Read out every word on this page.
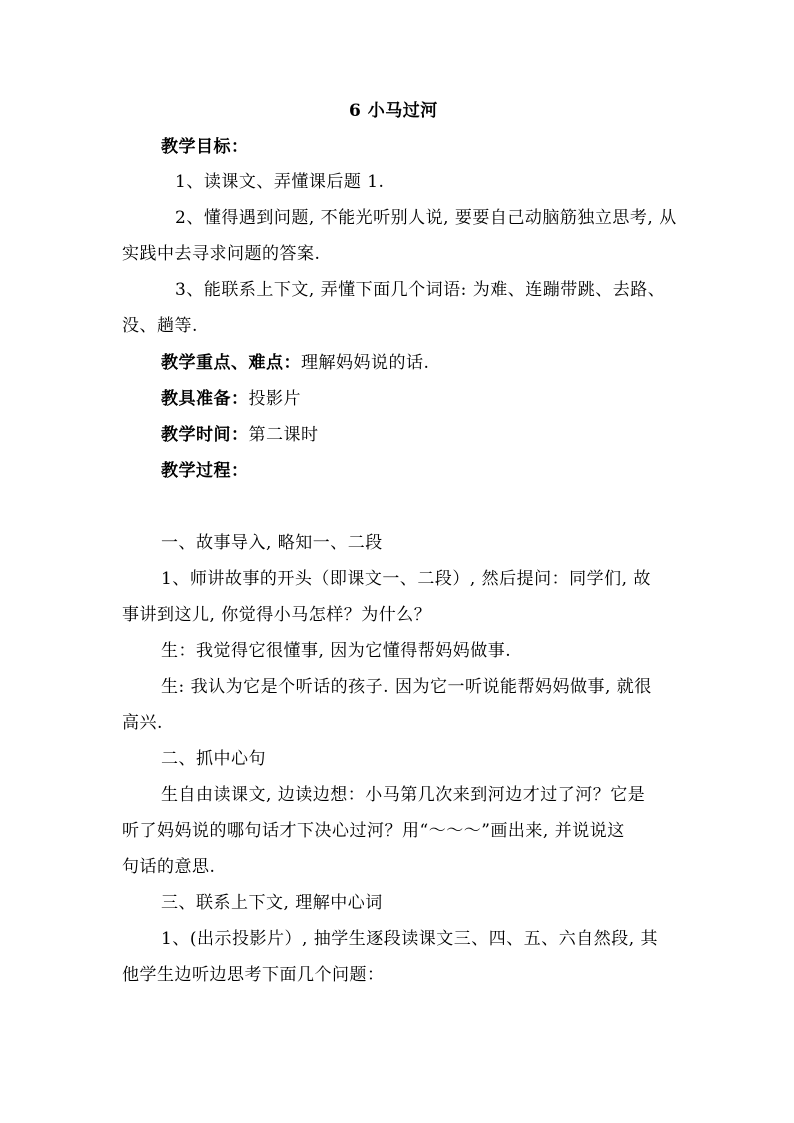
6 小马过河

教学目标：

1、读课文、弄懂课后题 1.

2、懂得遇到问题, 不能光听别人说, 要要自己动脑筋独立思考, 从

实践中去寻求问题的答案.

3、能联系上下文, 弄懂下面几个词语: 为难、连蹦带跳、去路、

没、趟等.

教学重点、难点：理解妈妈说的话.

教具准备：投影片

教学时间：第二课时

教学过程：

一、故事导入, 略知一、二段

1、师讲故事的开头（即课文一、二段）, 然后提问：同学们, 故

事讲到这儿, 你觉得小马怎样？为什么？

生：我觉得它很懂事, 因为它懂得帮妈妈做事.

生: 我认为它是个听话的孩子. 因为它一听说能帮妈妈做事, 就很

高兴.

二、抓中心句

生自由读课文, 边读边想：小马第几次来到河边才过了河？它是

听了妈妈说的哪句话才下决心过河？用“～～～”画出来, 并说说这

句话的意思.

三、联系上下文, 理解中心词

1、(出示投影片）, 抽学生逐段读课文三、四、五、六自然段, 其

他学生边听边思考下面几个问题：
